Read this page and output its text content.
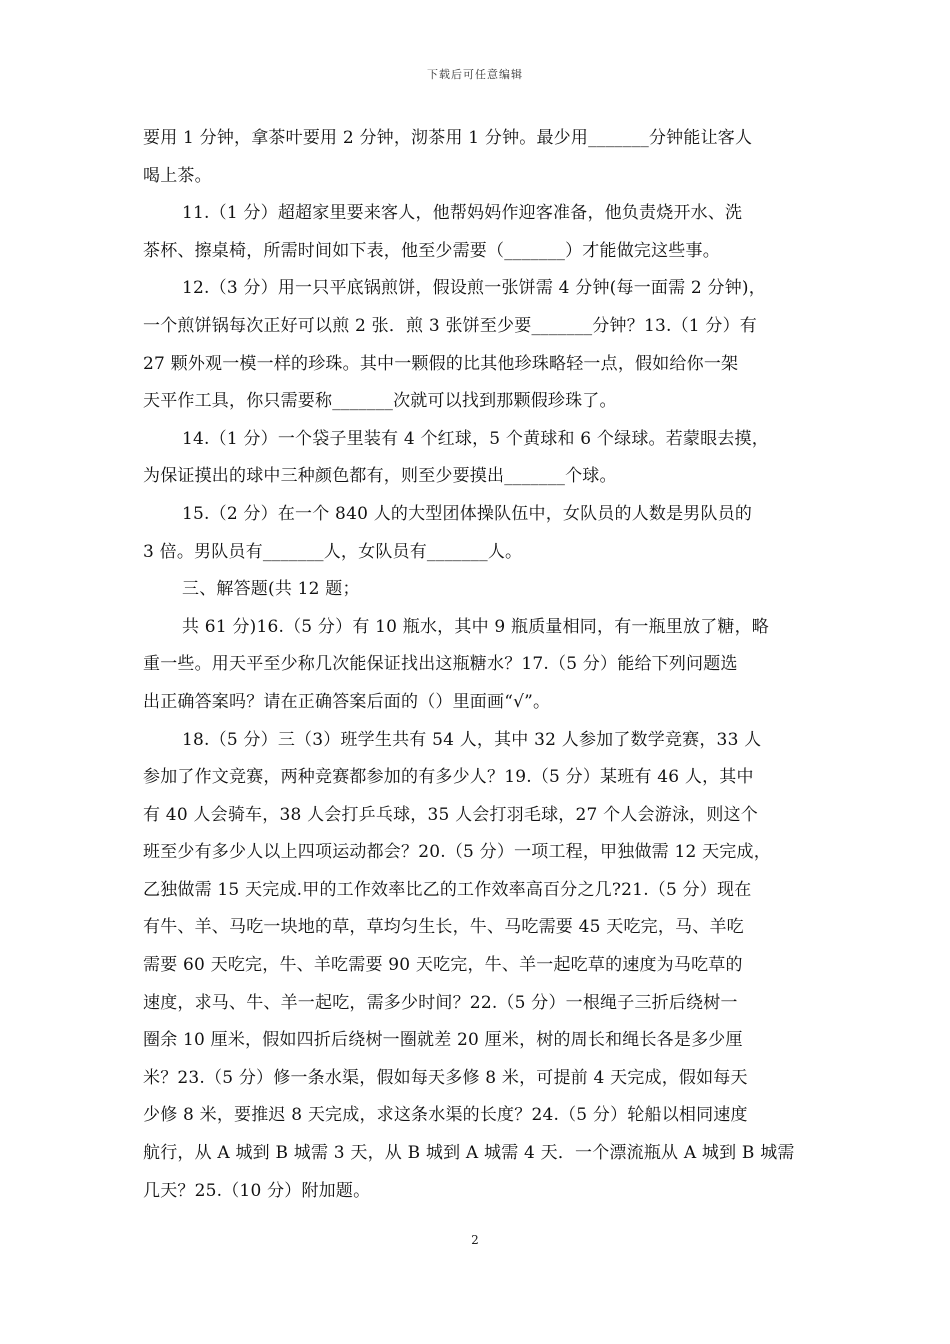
下载后可任意编辑
要用 1 分钟，拿茶叶要用 2 分钟，沏茶用 1 分钟。最少用_______分钟能让客人
喝上茶。
11.（1 分）超超家里要来客人，他帮妈妈作迎客准备，他负责烧开水、洗
茶杯、擦桌椅，所需时间如下表，他至少需要（_______）才能做完这些事。
12.（3 分）用一只平底锅煎饼，假设煎一张饼需 4 分钟(每一面需 2 分钟)，
一个煎饼锅每次正好可以煎 2 张．煎 3 张饼至少要_______分钟？13.（1 分）有
27 颗外观一模一样的珍珠。其中一颗假的比其他珍珠略轻一点，假如给你一架
天平作工具，你只需要称_______次就可以找到那颗假珍珠了。
14.（1 分）一个袋子里装有 4 个红球，5 个黄球和 6 个绿球。若蒙眼去摸，
为保证摸出的球中三种颜色都有，则至少要摸出_______个球。
15.（2 分）在一个 840 人的大型团体操队伍中，女队员的人数是男队员的
3 倍。男队员有_______人，女队员有_______人。
三、解答题(共 12 题；
共 61 分)16.（5 分）有 10 瓶水，其中 9 瓶质量相同，有一瓶里放了糖，略
重一些。用天平至少称几次能保证找出这瓶糖水？17.（5 分）能给下列问题选
出正确答案吗？请在正确答案后面的（）里面画“√”。
18.（5 分）三（3）班学生共有 54 人，其中 32 人参加了数学竞赛，33 人
参加了作文竞赛，两种竞赛都参加的有多少人？19.（5 分）某班有 46 人，其中
有 40 人会骑车，38 人会打乒乓球，35 人会打羽毛球，27 个人会游泳，则这个
班至少有多少人以上四项运动都会？20.（5 分）一项工程，甲独做需 12 天完成，
乙独做需 15 天完成.甲的工作效率比乙的工作效率高百分之几?21.（5 分）现在
有牛、羊、马吃一块地的草，草均匀生长，牛、马吃需要 45 天吃完，马、羊吃
需要 60 天吃完，牛、羊吃需要 90 天吃完，牛、羊一起吃草的速度为马吃草的
速度，求马、牛、羊一起吃，需多少时间？22.（5 分）一根绳子三折后绕树一
圈余 10 厘米，假如四折后绕树一圈就差 20 厘米，树的周长和绳长各是多少厘
米？23.（5 分）修一条水渠，假如每天多修 8 米，可提前 4 天完成，假如每天
少修 8 米，要推迟 8 天完成，求这条水渠的长度？24.（5 分）轮船以相同速度
航行，从 A 城到 B 城需 3 天，从 B 城到 A 城需 4 天．一个漂流瓶从 A 城到 B 城需
几天？25.（10 分）附加题。
2
